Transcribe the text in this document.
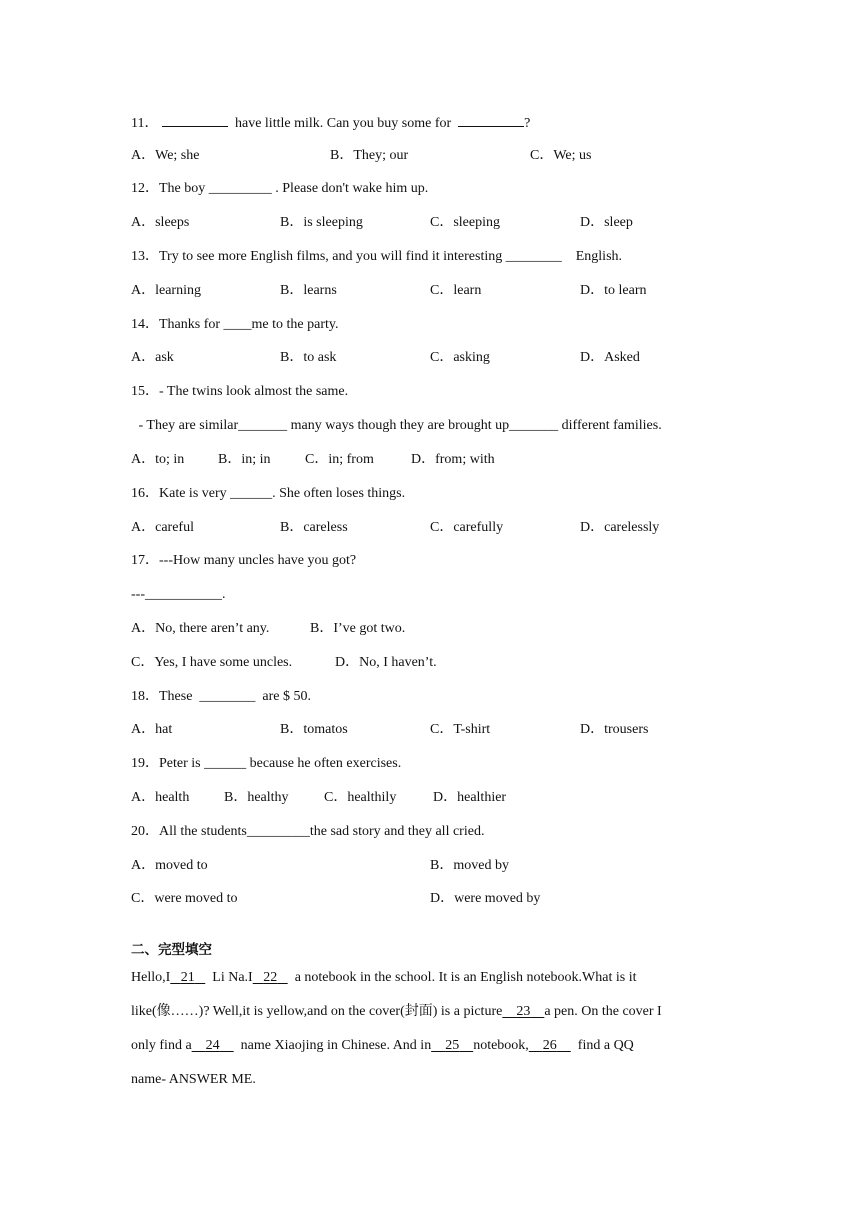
11．	have little milk. Can you buy some for	?
A．We; she	B．They; our	C．We; us
12．The boy _________ . Please don't wake him up.
A．sleeps	B．is sleeping	C．sleeping	D．sleep
13．Try to see more English films, and you will find it interesting ________    English.
A．learning	B．learns	C．learn	D．to learn
14．Thanks for ____me to the party.
A．ask	B．to ask	C．asking	D．Asked
15．- The twins look almost the same.
- They are similar_______ many ways though they are brought up_______ different families.
A．to; in B．in; in C．in; from	D．from; with
16．Kate is very ______. She often loses things.
A．careful	B．careless	C．carefully	D．carelessly
17．---How many uncles have you got?
---___________.
A．No, there aren’t any.	B．I’ve got two.
C．Yes, I have some uncles.	D．No, I haven’t.
18．These  ________  are $ 50.
A．hat	B．tomatos	C．T-shirt	D．trousers
19．Peter is ______ because he often exercises.
A．health B．healthy	C．healthily	D．healthier
20．All the students_________the sad story and they all cried.
A．moved to	B．moved by
C．were moved to	D．were moved by
二、完型填空
Hello,I 21 Li Na.I 22 a notebook in the school. It is an English notebook.What is it
like(像……)? Well,it is yellow,and on the cover(封面) is a picture 23 a pen. On the cover I
only find a 24 name Xiaojing in Chinese. And in 25 notebook, 26 find a QQ
name- ANSWER ME.
